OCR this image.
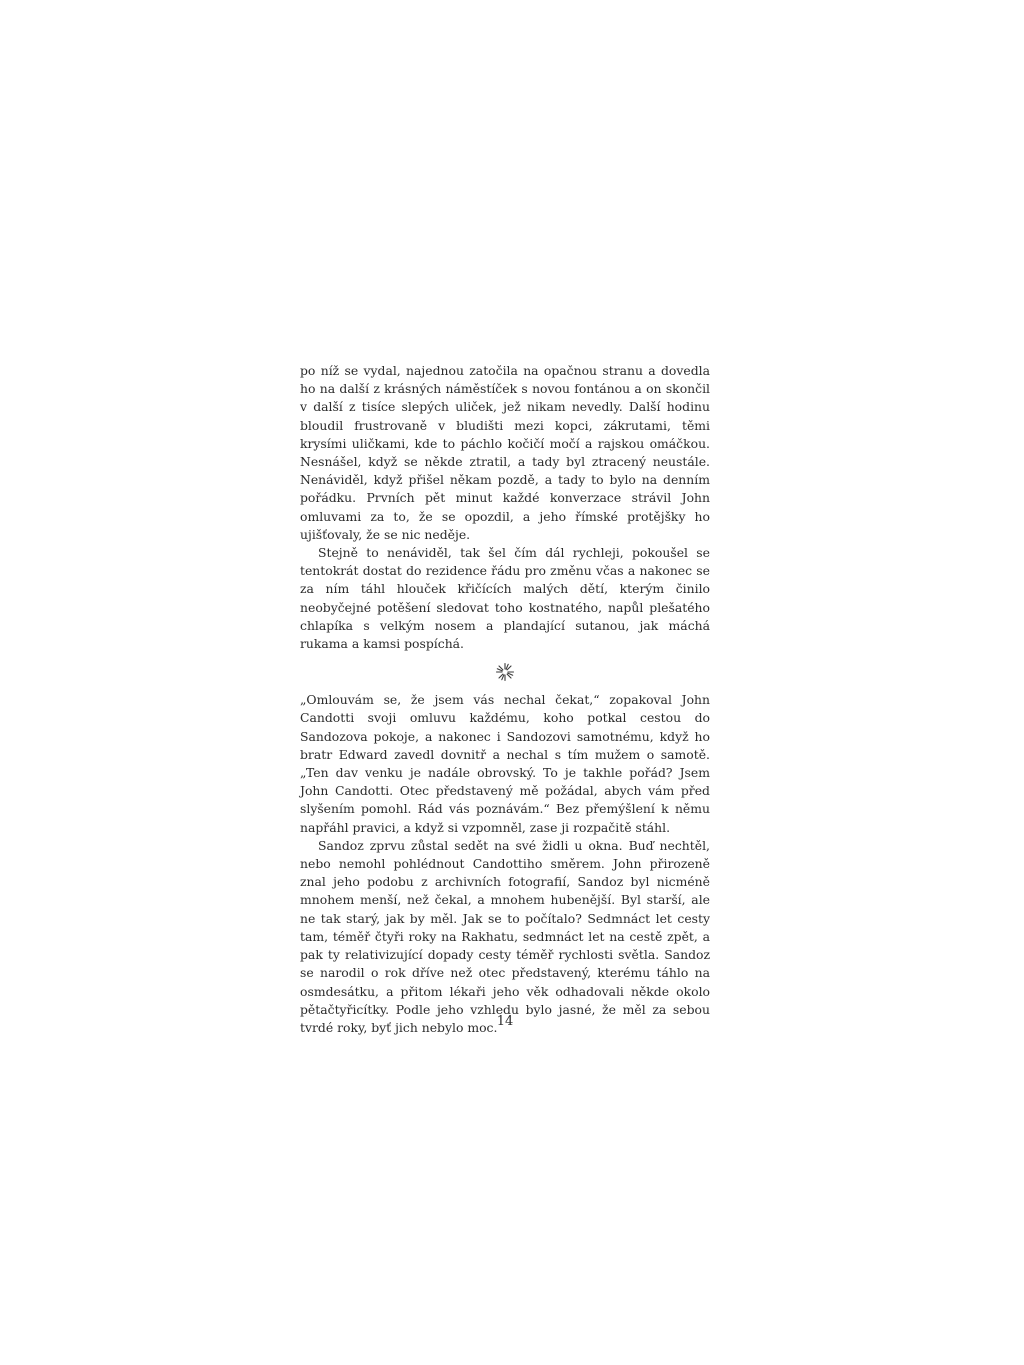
po níž se vydal, najednou zatočila na opačnou stranu a dovedla ho na další z krásných náměstíček s novou fontánou a on skončil v další z tisíce slepých uliček, jež nikam nevedly. Další hodinu bloudil frustrovaně v bludišti mezi kopci, zákrutami, těmi krysími uličkami, kde to páchlo kočičí močí a rajskou omáčkou. Nesnášel, když se někde ztratil, a tady byl ztracený neustále. Nenáviděl, když přišel někam pozdě, a tady to bylo na denním pořádku. Prvních pět minut každé konverzace strávil John omluvami za to, že se opozdil, a jeho římské protějšky ho ujišťovaly, že se nic neděje.

Stejně to nenáviděl, tak šel čím dál rychleji, pokoušel se tentokrát dostat do rezidence řádu pro změnu včas a nakonec se za ním táhl hlouček křičících malých dětí, kterým činilo neobyčejné potěšení sledovat toho kostnatého, napůl plešatého chlapíka s velkým nosem a plandající sutanou, jak máchá rukama a kamsi pospíchá.

„Omlouvám se, že jsem vás nechal čekat,“ zopakoval John Candotti svoji omluvu každému, koho potkal cestou do Sandozova pokoje, a nakonec i Sandozovi samotnému, když ho bratr Edward zavedl dovnitř a nechal s tím mužem o samotě. „Ten dav venku je nadále obrovský. To je takhle pořád? Jsem John Candotti. Otec představený mě požádal, abych vám před slyšením pomohl. Rád vás poznávám.“ Bez přemýšlení k němu napřáhl pravici, a když si vzpomněl, zase ji rozpačitě stáhl.

Sandoz zprvu zůstal sedět na své židli u okna. Buď nechtěl, nebo nemohl pohlédnout Candottiho směrem. John přirozeně znal jeho podobu z archivních fotografií, Sandoz byl nicméně mnohem menší, než čekal, a mnohem hubenější. Byl starší, ale ne tak starý, jak by měl. Jak se to počítalo? Sedmnáct let cesty tam, téměř čtyři roky na Rakhatu, sedmnáct let na cestě zpět, a pak ty relativizující dopady cesty téměř rychlosti světla. Sandoz se narodil o rok dříve než otec představený, kterému táhlo na osmdesátku, a přitom lékaři jeho věk odhadovali někde okolo pětačtyřicítky. Podle jeho vzhledu bylo jasné, že měl za sebou tvrdé roky, byť jich nebylo moc. 14
